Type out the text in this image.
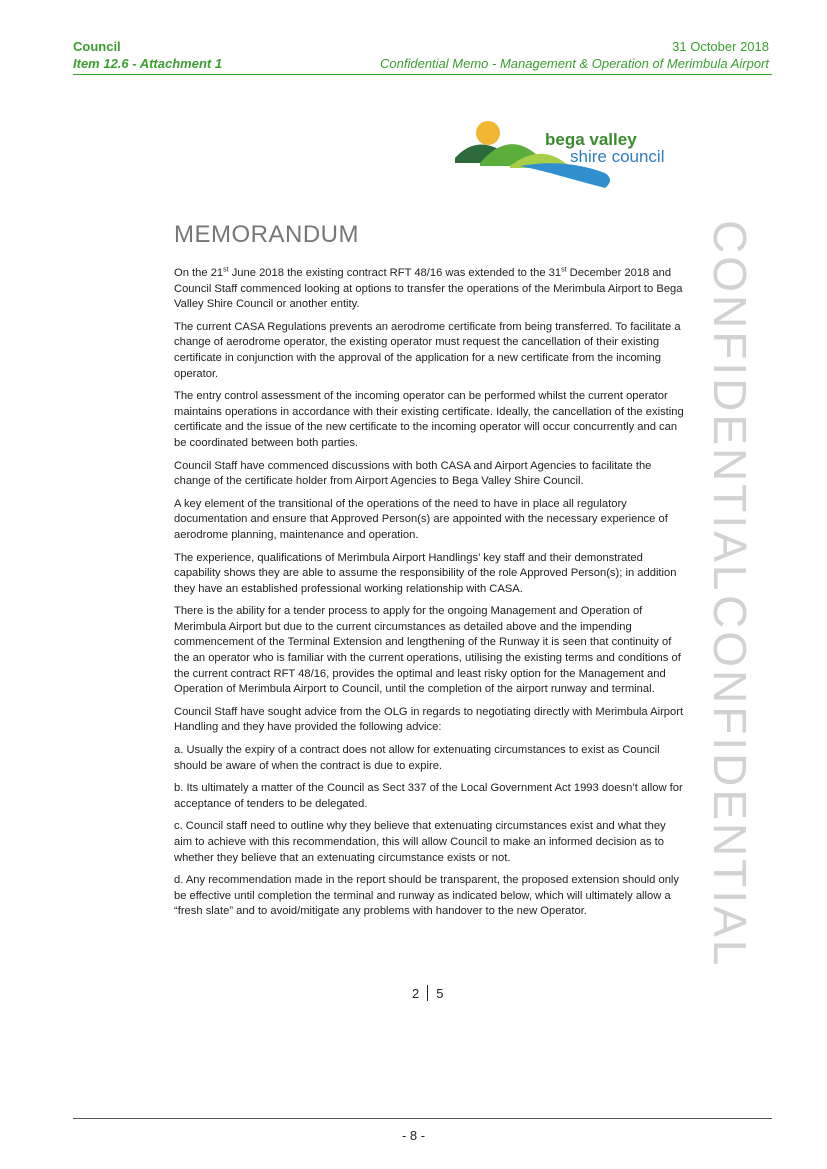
Council
Item 12.6 - Attachment 1
31 October 2018
Confidential Memo - Management & Operation of Merimbula Airport
bega valley
shire council
MEMORANDUM	CONFIDENTIAL
CONFIDENTIAL

On the 21st June 2018 the existing contract RFT 48/16 was extended to the 31st December 2018 and Council Staff commenced looking at options to transfer the operations of the Merimbula Airport to Bega Valley Shire Council or another entity.

The current CASA Regulations prevents an aerodrome certificate from being transferred. To facilitate a change of aerodrome operator, the existing operator must request the cancellation of their existing certificate in conjunction with the approval of the application for a new certificate from the incoming operator.

The entry control assessment of the incoming operator can be performed whilst the current operator maintains operations in accordance with their existing certificate. Ideally, the cancellation of the existing certificate and the issue of the new certificate to the incoming operator will occur concurrently and can be coordinated between both parties.

Council Staff have commenced discussions with both CASA and Airport Agencies to facilitate the change of the certificate holder from Airport Agencies to Bega Valley Shire Council.

A key element of the transitional of the operations of the need to have in place all regulatory documentation and ensure that Approved Person(s) are appointed with the necessary experience of aerodrome planning, maintenance and operation.

The experience, qualifications of Merimbula Airport Handlings’ key staff and their demonstrated capability shows they are able to assume the responsibility of the role Approved Person(s); in addition they have an established professional working relationship with CASA.

There is the ability for a tender process to apply for the ongoing Management and Operation of Merimbula Airport but due to the current circumstances as detailed above and the impending commencement of the Terminal Extension and lengthening of the Runway it is seen that continuity of the an operator who is familiar with the current operations, utilising the existing terms and conditions of the current contract RFT 48/16, provides the optimal and least risky option for the Management and Operation of Merimbula Airport to Council, until the completion of the airport runway and terminal.

Council Staff have sought advice from the OLG in regards to negotiating directly with Merimbula Airport Handling and they have provided the following advice:

a. Usually the expiry of a contract does not allow for extenuating circumstances to exist as Council should be aware of when the contract is due to expire.

b. Its ultimately a matter of the Council as Sect 337 of the Local Government Act 1993 doesn’t allow for acceptance of tenders to be delegated.

c. Council staff need to outline why they believe that extenuating circumstances exist and what they aim to achieve with this recommendation, this will allow Council to make an informed decision as to whether they believe that an extenuating circumstance exists or not.

d. Any recommendation made in the report should be transparent, the proposed extension should only be effective until completion the terminal and runway as indicated below, which will ultimately allow a “fresh slate” and to avoid/mitigate any problems with handover to the new Operator.

2 5
- 8 -
